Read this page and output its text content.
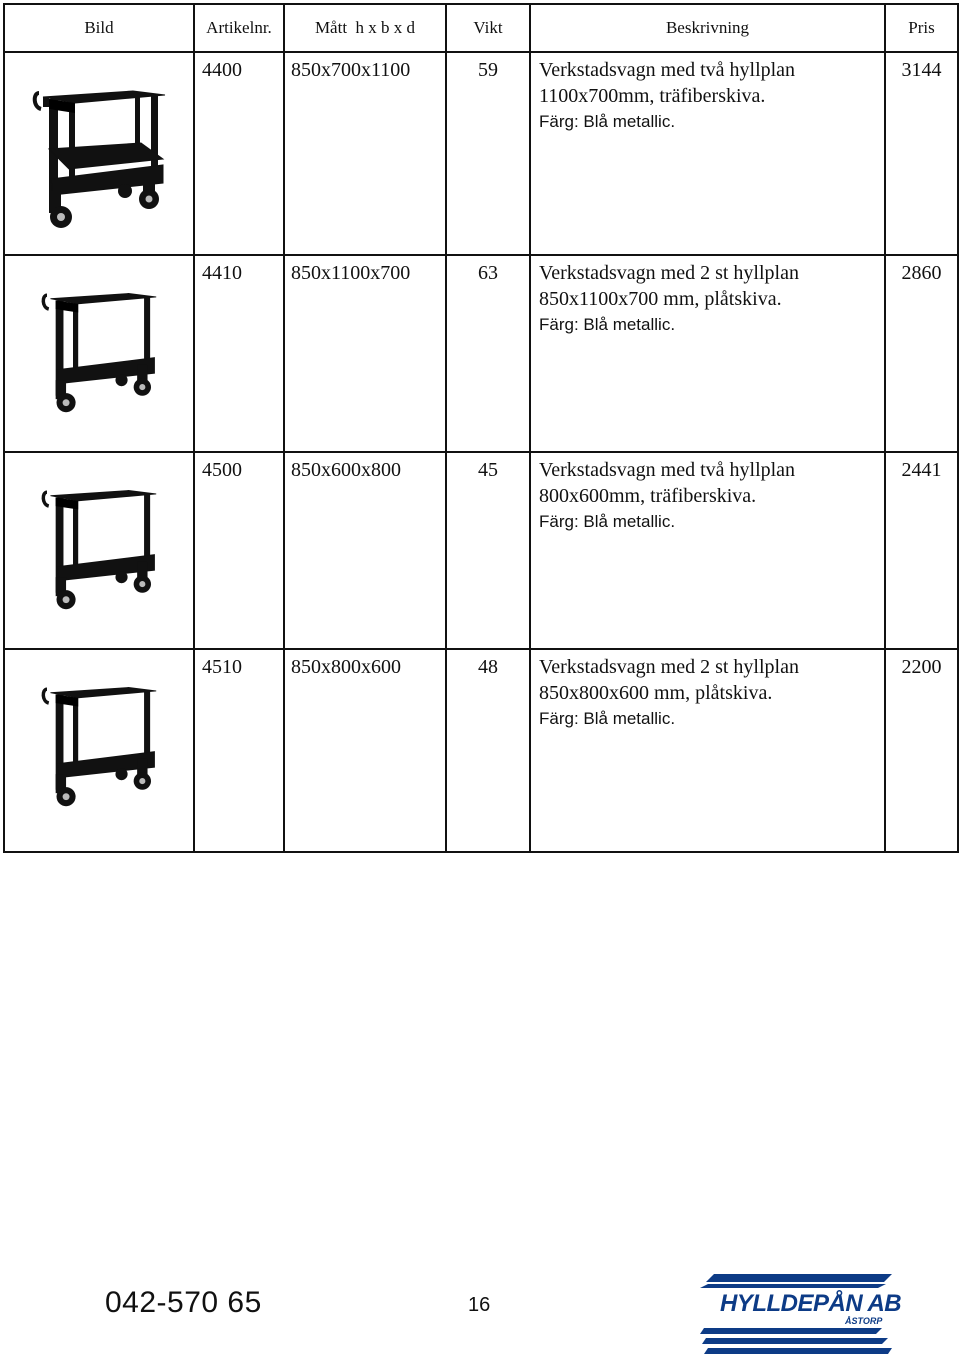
Bild	Artikelnr.	Mått  h x b x d	Vikt	Beskrivning	Pris

	4400	850x700x1100	59	Verkstadsvagn med två hyllplan
1100x700mm, träfiberskiva.
Färg: Blå metallic.	3144

	4410	850x1100x700	63	Verkstadsvagn med 2 st hyllplan
850x1100x700 mm, plåtskiva.
Färg: Blå metallic.	2860

	4500	850x600x800	45	Verkstadsvagn med två hyllplan
800x600mm, träfiberskiva.
Färg: Blå metallic.	2441

	4510	850x800x600	48	Verkstadsvagn med 2 st hyllplan
850x800x600 mm, plåtskiva.
Färg: Blå metallic.	2200
042-570 65	16	HYLLDEPÅN AB
ÅSTORP
